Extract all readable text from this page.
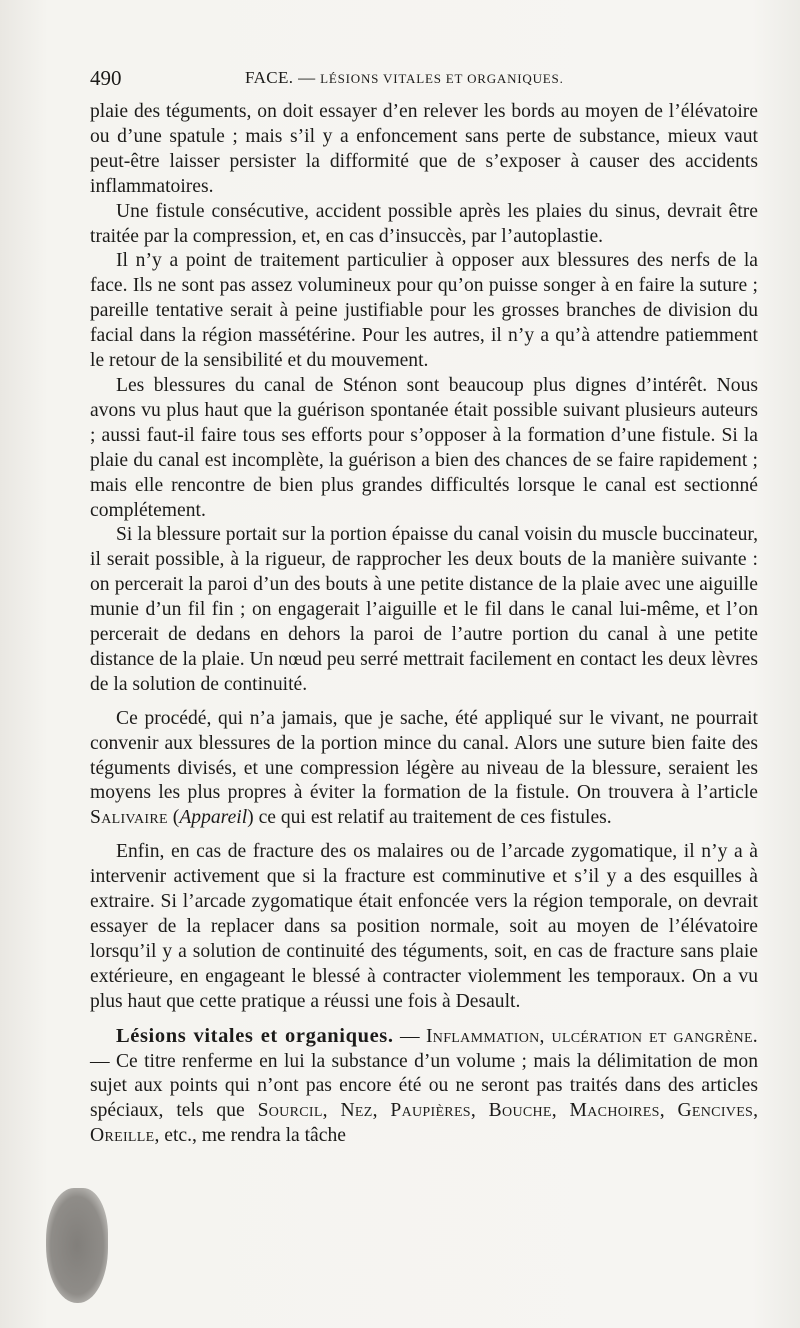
490	FACE. — LÉSIONS VITALES ET ORGANIQUES.

plaie des téguments, on doit essayer d’en relever les bords au moyen de l’élévatoire ou d’une spatule ; mais s’il y a enfoncement sans perte de substance, mieux vaut peut-être laisser persister la difformité que de s’exposer à causer des accidents inflammatoires.

Une fistule consécutive, accident possible après les plaies du sinus, devrait être traitée par la compression, et, en cas d’insuccès, par l’autoplastie.

Il n’y a point de traitement particulier à opposer aux blessures des nerfs de la face. Ils ne sont pas assez volumineux pour qu’on puisse songer à en faire la suture ; pareille tentative serait à peine justifiable pour les grosses branches de division du facial dans la région massétérine. Pour les autres, il n’y a qu’à attendre patiemment le retour de la sensibilité et du mouvement.

Les blessures du canal de Sténon sont beaucoup plus dignes d’intérêt. Nous avons vu plus haut que la guérison spontanée était possible suivant plusieurs auteurs ; aussi faut-il faire tous ses efforts pour s’opposer à la formation d’une fistule. Si la plaie du canal est incomplète, la guérison a bien des chances de se faire rapidement ; mais elle rencontre de bien plus grandes difficultés lorsque le canal est sectionné complétement.

Si la blessure portait sur la portion épaisse du canal voisin du muscle buccinateur, il serait possible, à la rigueur, de rapprocher les deux bouts de la manière suivante : on percerait la paroi d’un des bouts à une petite distance de la plaie avec une aiguille munie d’un fil fin ; on engagerait l’aiguille et le fil dans le canal lui-même, et l’on percerait de dedans en dehors la paroi de l’autre portion du canal à une petite distance de la plaie. Un nœud peu serré mettrait facilement en contact les deux lèvres de la solution de continuité.

Ce procédé, qui n’a jamais, que je sache, été appliqué sur le vivant, ne pourrait convenir aux blessures de la portion mince du canal. Alors une suture bien faite des téguments divisés, et une compression légère au niveau de la blessure, seraient les moyens les plus propres à éviter la formation de la fistule. On trouvera à l’article Salivaire (Appareil) ce qui est relatif au traitement de ces fistules.

Enfin, en cas de fracture des os malaires ou de l’arcade zygomatique, il n’y a à intervenir activement que si la fracture est comminutive et s’il y a des esquilles à extraire. Si l’arcade zygomatique était enfoncée vers la région temporale, on devrait essayer de la replacer dans sa position normale, soit au moyen de l’élévatoire lorsqu’il y a solution de continuité des téguments, soit, en cas de fracture sans plaie extérieure, en engageant le blessé à contracter violemment les temporaux. On a vu plus haut que cette pratique a réussi une fois à Desault.

Lésions vitales et organiques. — Inflammation, ulcération et gangrène. — Ce titre renferme en lui la substance d’un volume ; mais la délimitation de mon sujet aux points qui n’ont pas encore été ou ne seront pas traités dans des articles spéciaux, tels que Sourcil, Nez, Paupières, Bouche, Machoires, Gencives, Oreille, etc., me rendra la tâche
